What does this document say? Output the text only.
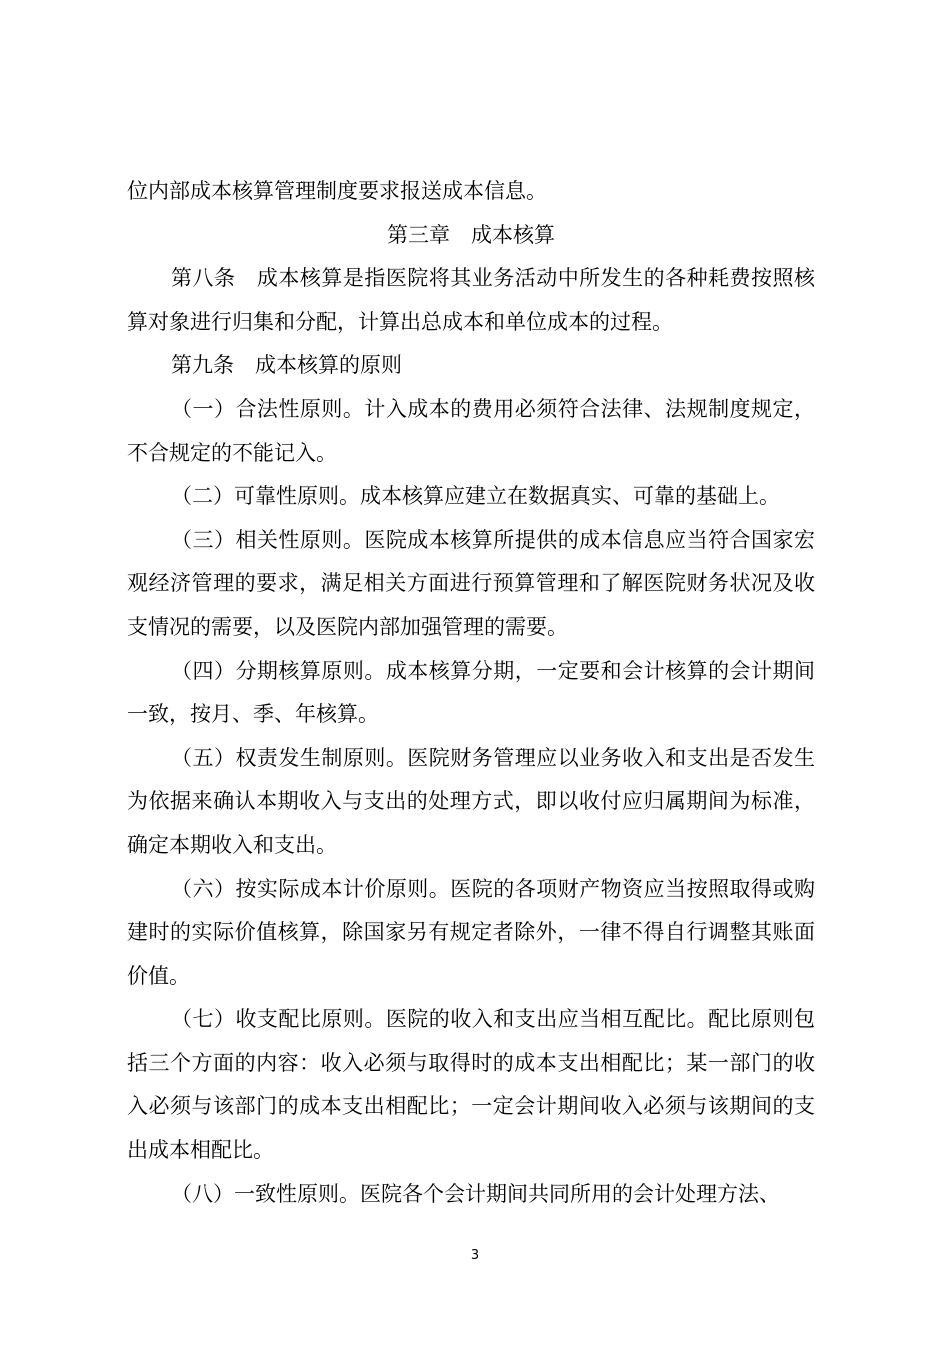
位内部成本核算管理制度要求报送成本信息。

第三章 成本核算

第八条　成本核算是指医院将其业务活动中所发生的各种耗费按照核算对象进行归集和分配，计算出总成本和单位成本的过程。

第九条　成本核算的原则

（一）合法性原则。计入成本的费用必须符合法律、法规制度规定，不合规定的不能记入。

（二）可靠性原则。成本核算应建立在数据真实、可靠的基础上。

（三）相关性原则。医院成本核算所提供的成本信息应当符合国家宏观经济管理的要求，满足相关方面进行预算管理和了解医院财务状况及收支情况的需要，以及医院内部加强管理的需要。

（四）分期核算原则。成本核算分期，一定要和会计核算的会计期间一致，按月、季、年核算。

（五）权责发生制原则。医院财务管理应以业务收入和支出是否发生为依据来确认本期收入与支出的处理方式，即以收付应归属期间为标准，确定本期收入和支出。

（六）按实际成本计价原则。医院的各项财产物资应当按照取得或购建时的实际价值核算，除国家另有规定者除外，一律不得自行调整其账面价值。

（七）收支配比原则。医院的收入和支出应当相互配比。配比原则包括三个方面的内容：收入必须与取得时的成本支出相配比；某一部门的收入必须与该部门的成本支出相配比；一定会计期间收入必须与该期间的支出成本相配比。

（八）一致性原则。医院各个会计期间共同所用的会计处理方法、

3
